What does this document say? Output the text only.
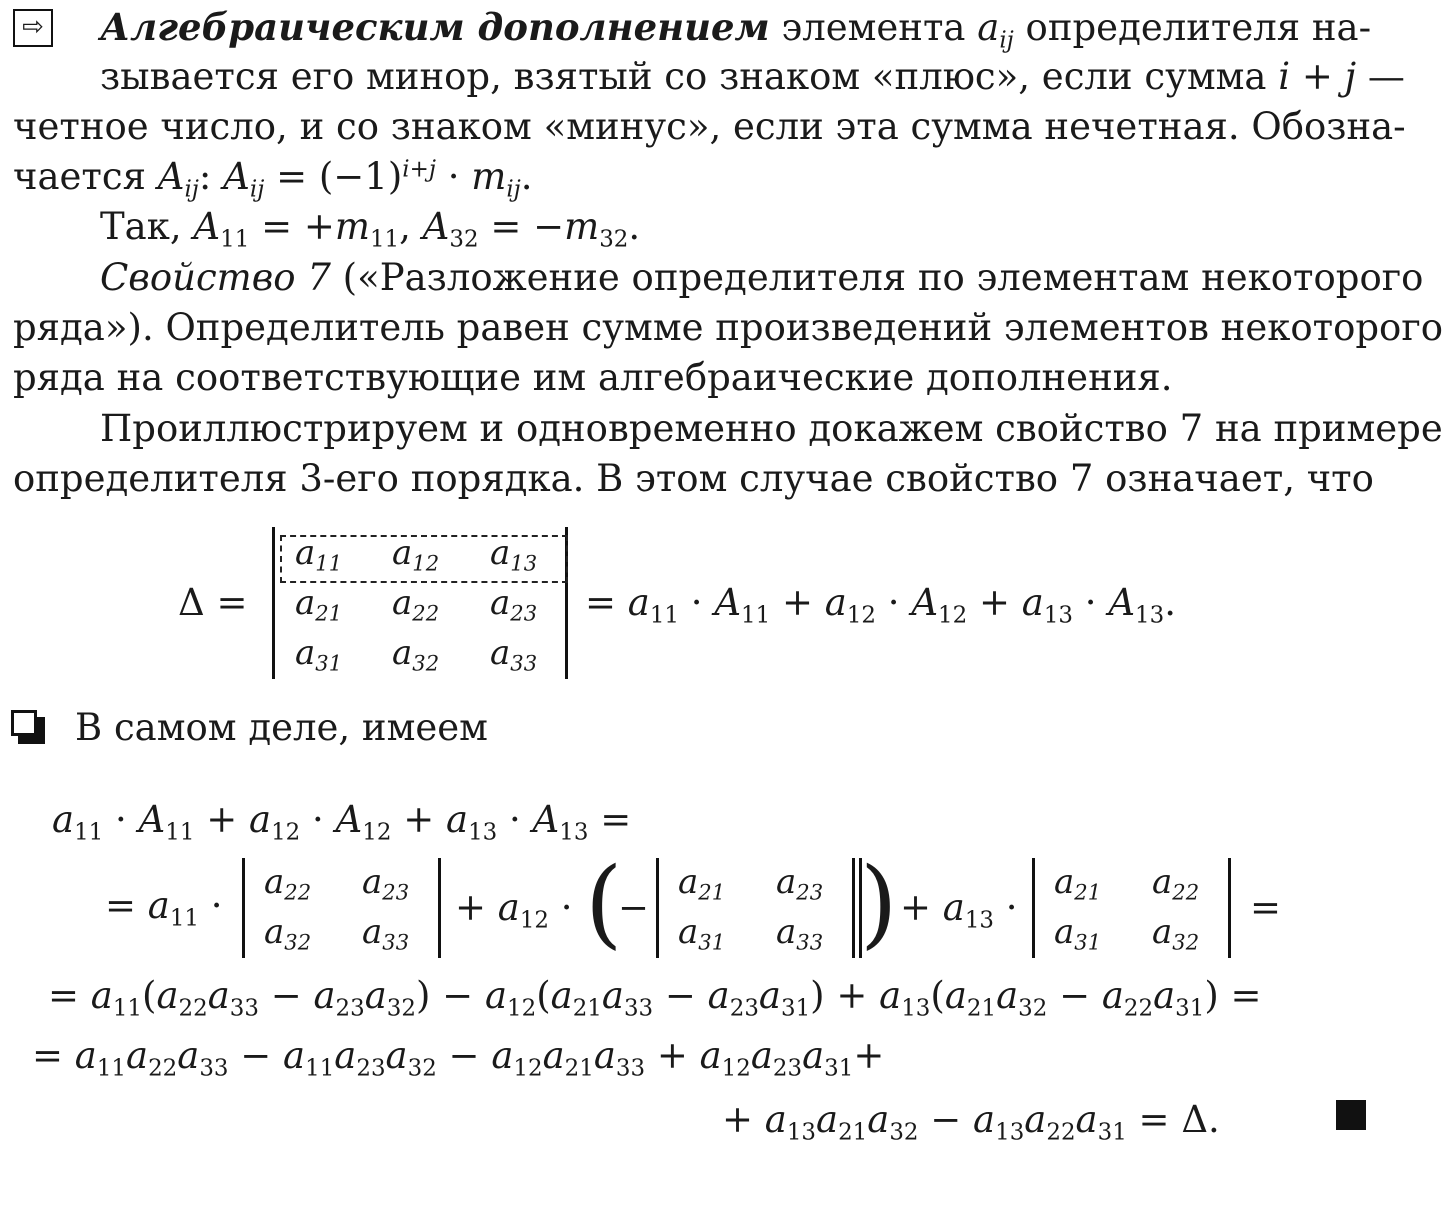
⇨ Алгебраическим дополнением элемента $a_{ij}$ определителя на-
зывается его минор, взятый со знаком «плюс», если сумма i + j —
четное число, и со знаком «минус», если эта сумма нечетная. Обозна-
чается $A_{ij}$: $A_{ij} = (-1)^{i+j} \cdot m_{ij}$.
Так, $A_{11} = +m_{11}$, $A_{32} = -m_{32}$.
Свойство 7 («Разложение определителя по элементам некоторого
ряда»). Определитель равен сумме произведений элементов некоторого
ряда на соответствующие им алгебраические дополнения.
Проиллюстрируем и одновременно докажем свойство 7 на примере
определителя 3-его порядка. В этом случае свойство 7 означает, что
Δ =
$a_{11}$ $a_{12}$ $a_{13}$
$a_{21}$ $a_{22}$ $a_{23}$
$a_{31}$ $a_{32}$ $a_{33}$
= $a_{11} \cdot A_{11} + a_{12} \cdot A_{12} + a_{13} \cdot A_{13}$.
В самом деле, имеем
$a_{11} \cdot A_{11} + a_{12} \cdot A_{12} + a_{13} \cdot A_{13}$ =
= $a_{11}$ ·
$a_{22}$ $a_{23}$
$a_{32}$ $a_{33}$
+ $a_{12}$ · (
−
$a_{21}$ $a_{23}$
$a_{31}$ $a_{33}$ ) + $a_{13}$ ·
$a_{21}$ $a_{22}$
$a_{31}$ $a_{32}$
=
= $a_{11}(a_{22}a_{33} - a_{23}a_{32}) - a_{12}(a_{21}a_{33} - a_{23}a_{31}) + a_{13}(a_{21}a_{32} - a_{22}a_{31})$ =
= $a_{11}a_{22}a_{33} - a_{11}a_{23}a_{32} - a_{12}a_{21}a_{33} + a_{12}a_{23}a_{31}+$
+ $a_{13}a_{21}a_{32} - a_{13}a_{22}a_{31} = \Delta$.
